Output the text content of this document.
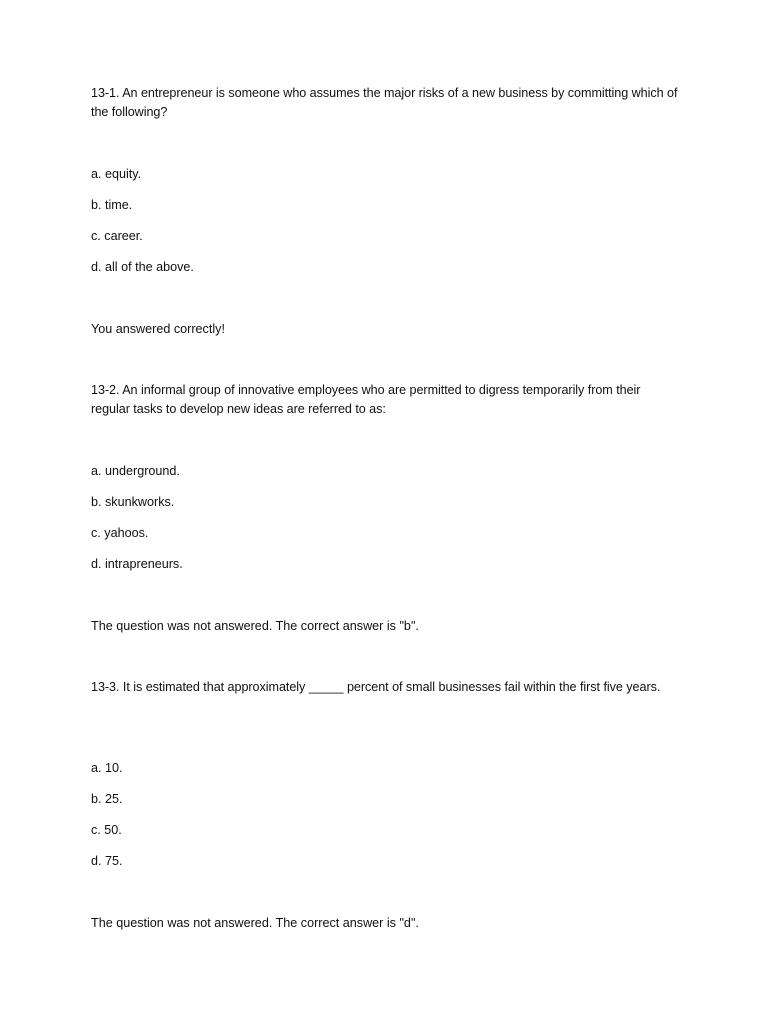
13-1. An entrepreneur is someone who assumes the major risks of a new business by committing which of the following?

a. equity.

b. time.

c. career.

d. all of the above.

You answered correctly!

13-2. An informal group of innovative employees who are permitted to digress temporarily from their regular tasks to develop new ideas are referred to as:

a. underground.

b. skunkworks.

c. yahoos.

d. intrapreneurs.

The question was not answered. The correct answer is "b".

13-3. It is estimated that approximately _____ percent of small businesses fail within the first five years.

a. 10.

b. 25.

c. 50.

d. 75.

The question was not answered. The correct answer is "d".
